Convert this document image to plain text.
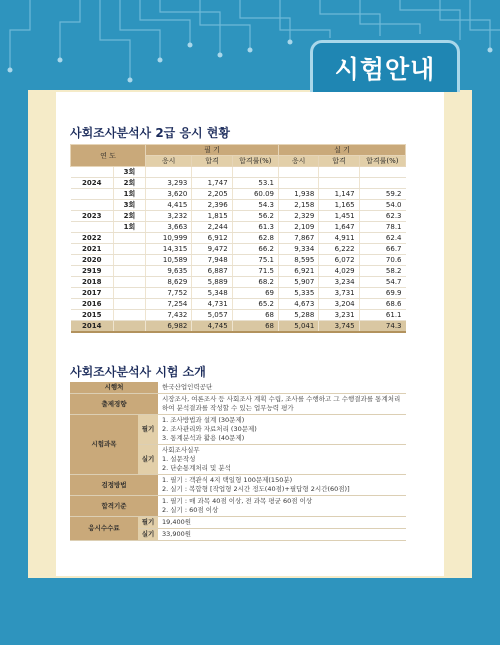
시험안내
사회조사분석사 2급 응시 현황
연 도		필 기			실 기		
		응시	합격	합격률(%)	응시	합격	합격률(%)
	3회						
2024	2회	3,293	1,747	53.1			
	1회	3,620	2,205	60.09	1,938	1,147	59.2
	3회	4,415	2,396	54.3	2,158	1,165	54.0
2023	2회	3,232	1,815	56.2	2,329	1,451	62.3
	1회	3,663	2,244	61.3	2,109	1,647	78.1
2022		10,999	6,912	62.8	7,867	4,911	62.4
2021		14,315	9,472	66.2	9,334	6,222	66.7
2020		10,589	7,948	75.1	8,595	6,072	70.6
2919		9,635	6,887	71.5	6,921	4,029	58.2
2018		8,629	5,889	68.2	5,907	3,234	54.7
2017		7,752	5,348	69	5,335	3,731	69.9
2016		7,254	4,731	65.2	4,673	3,204	68.6
2015		7,432	5,057	68	5,288	3,231	61.1
2014		6,982	4,745	68	5,041	3,745	74.3
사회조사분석사 시험 소개
시행처		한국산업인력공단
출제경향		시장조사, 여론조사 등 사회조사 계획 수립, 조사를 수행하고 그 수행결과를 통계처리
하여 분석결과를 작성할 수 있는 업무능력 평가

시험과목	필기	1. 조사방법과 설계 (30문제)
2. 조사관리와 자료처리 (30문제)
3. 통계분석과 활용 (40문제)

	실기	사회조사실무
1. 설문작성
2. 단순통계처리 및 분석

검정방법		1. 필기 : 객관식 4지 택일형 100문제(150분)
2. 실기 : 복합형 [작업형 2시간 정도(40점)+필답형 2시간(60점)]

합격기준		1. 필기 : 매 과목 40점 이상, 전 과목 평균 60점 이상
2. 실기 : 60점 이상

응시수수료	필기	19,400원
	실기	33,900원
